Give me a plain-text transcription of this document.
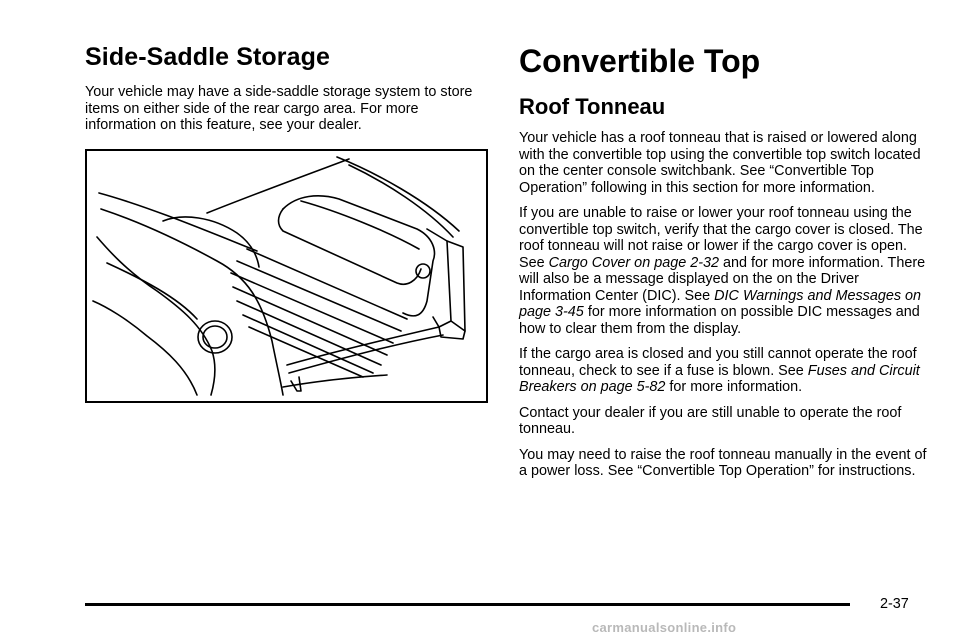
Side-Saddle Storage

Your vehicle may have a side-saddle storage system to store items on either side of the rear cargo area. For more information on this feature, see your dealer.

Convertible Top
Roof Tonneau

Your vehicle has a roof tonneau that is raised or lowered along with the convertible top using the convertible top switch located on the center console switchbank. See “Convertible Top Operation” following in this section for more information.

If you are unable to raise or lower your roof tonneau using the convertible top switch, verify that the cargo cover is closed. The roof tonneau will not raise or lower if the cargo cover is open. See Cargo Cover on page 2-32 and for more information. There will also be a message displayed on the on the Driver Information Center (DIC). See DIC Warnings and Messages on page 3-45 for more information on possible DIC messages and how to clear them from the display.

If the cargo area is closed and you still cannot operate the roof tonneau, check to see if a fuse is blown. See Fuses and Circuit Breakers on page 5-82 for more information.

Contact your dealer if you are still unable to operate the roof tonneau.

You may need to raise the roof tonneau manually in the event of a power loss. See “Convertible Top Operation” for instructions.

2-37
carmanualsonline.info
